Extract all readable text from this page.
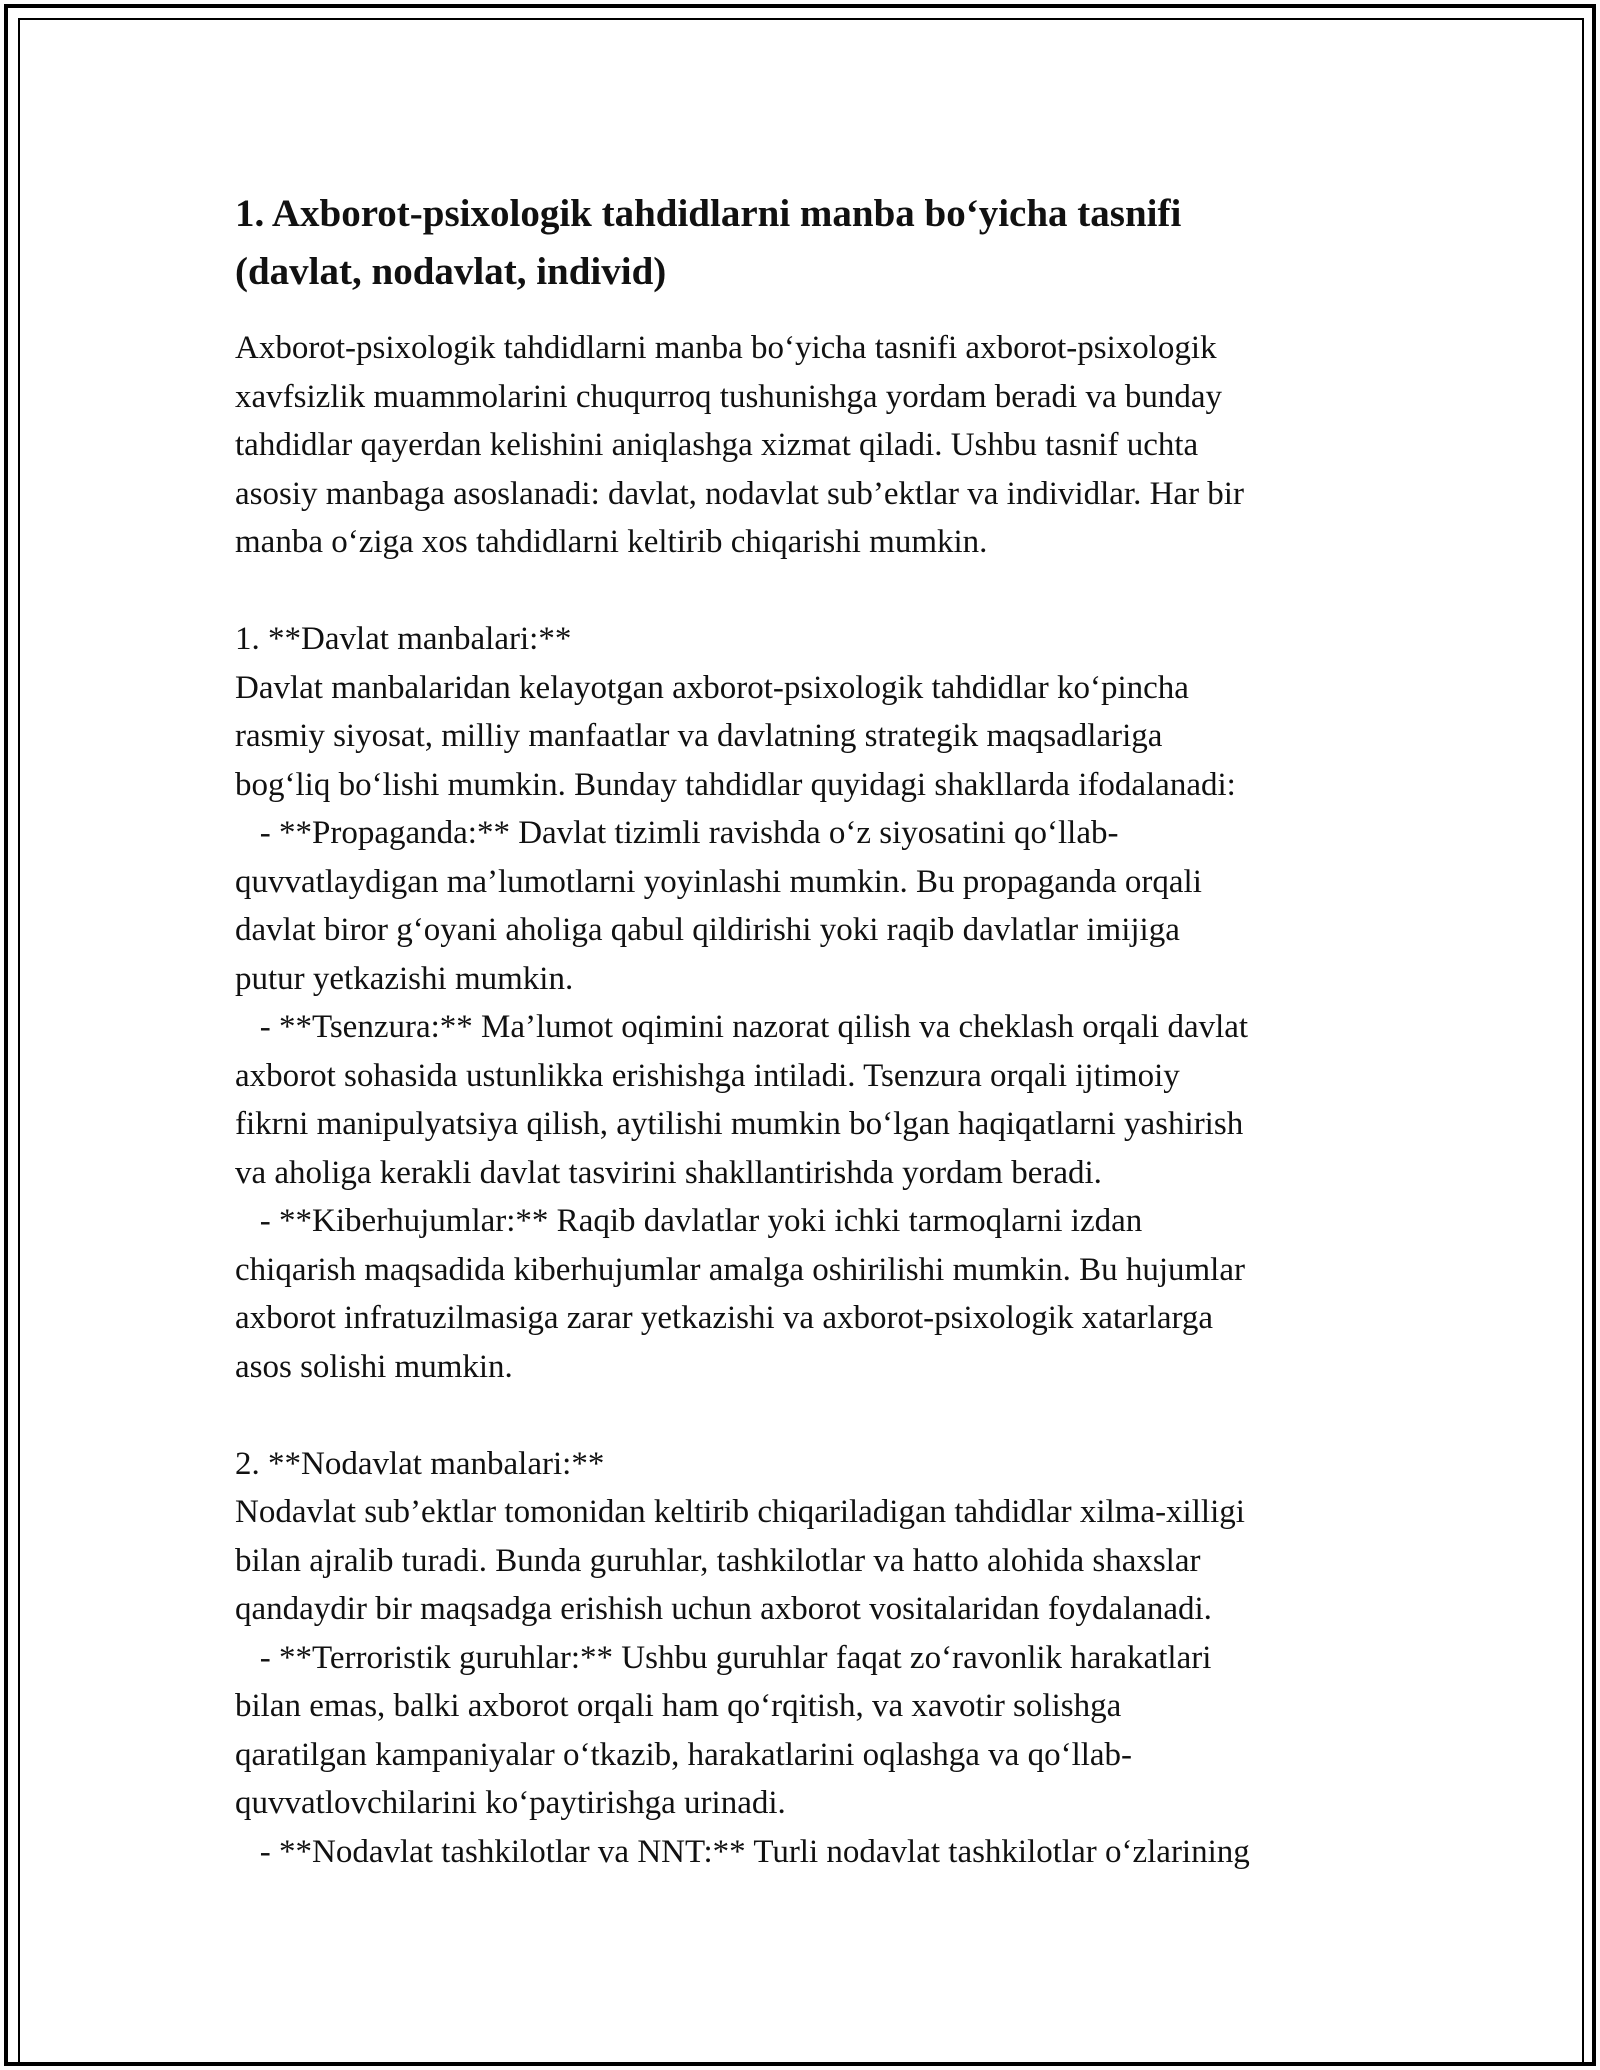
1. Axborot-psixologik tahdidlarni manba bo‘yicha tasnifi
(davlat, nodavlat, individ)
Axborot-psixologik tahdidlarni manba bo‘yicha tasnifi axborot-psixologik
xavfsizlik muammolarini chuqurroq tushunishga yordam beradi va bunday
tahdidlar qayerdan kelishini aniqlashga xizmat qiladi. Ushbu tasnif uchta
asosiy manbaga asoslanadi: davlat, nodavlat sub’ektlar va individlar. Har bir
manba o‘ziga xos tahdidlarni keltirib chiqarishi mumkin.
1. **Davlat manbalari:**
Davlat manbalaridan kelayotgan axborot-psixologik tahdidlar ko‘pincha
rasmiy siyosat, milliy manfaatlar va davlatning strategik maqsadlariga
bog‘liq bo‘lishi mumkin. Bunday tahdidlar quyidagi shakllarda ifodalanadi:
- **Propaganda:** Davlat tizimli ravishda o‘z siyosatini qo‘llab-
quvvatlaydigan ma’lumotlarni yoyinlashi mumkin. Bu propaganda orqali
davlat biror g‘oyani aholiga qabul qildirishi yoki raqib davlatlar imijiga
putur yetkazishi mumkin.
- **Tsenzura:** Ma’lumot oqimini nazorat qilish va cheklash orqali davlat
axborot sohasida ustunlikka erishishga intiladi. Tsenzura orqali ijtimoiy
fikrni manipulyatsiya qilish, aytilishi mumkin bo‘lgan haqiqatlarni yashirish
va aholiga kerakli davlat tasvirini shakllantirishda yordam beradi.
- **Kiberhujumlar:** Raqib davlatlar yoki ichki tarmoqlarni izdan
chiqarish maqsadida kiberhujumlar amalga oshirilishi mumkin. Bu hujumlar
axborot infratuzilmasiga zarar yetkazishi va axborot-psixologik xatarlarga
asos solishi mumkin.
2. **Nodavlat manbalari:**
Nodavlat sub’ektlar tomonidan keltirib chiqariladigan tahdidlar xilma-xilligi
bilan ajralib turadi. Bunda guruhlar, tashkilotlar va hatto alohida shaxslar
qandaydir bir maqsadga erishish uchun axborot vositalaridan foydalanadi.
- **Terroristik guruhlar:** Ushbu guruhlar faqat zo‘ravonlik harakatlari
bilan emas, balki axborot orqali ham qo‘rqitish, va xavotir solishga
qaratilgan kampaniyalar o‘tkazib, harakatlarini oqlashga va qo‘llab-
quvvatlovchilarini ko‘paytirishga urinadi.
- **Nodavlat tashkilotlar va NNT:** Turli nodavlat tashkilotlar o‘zlarining
